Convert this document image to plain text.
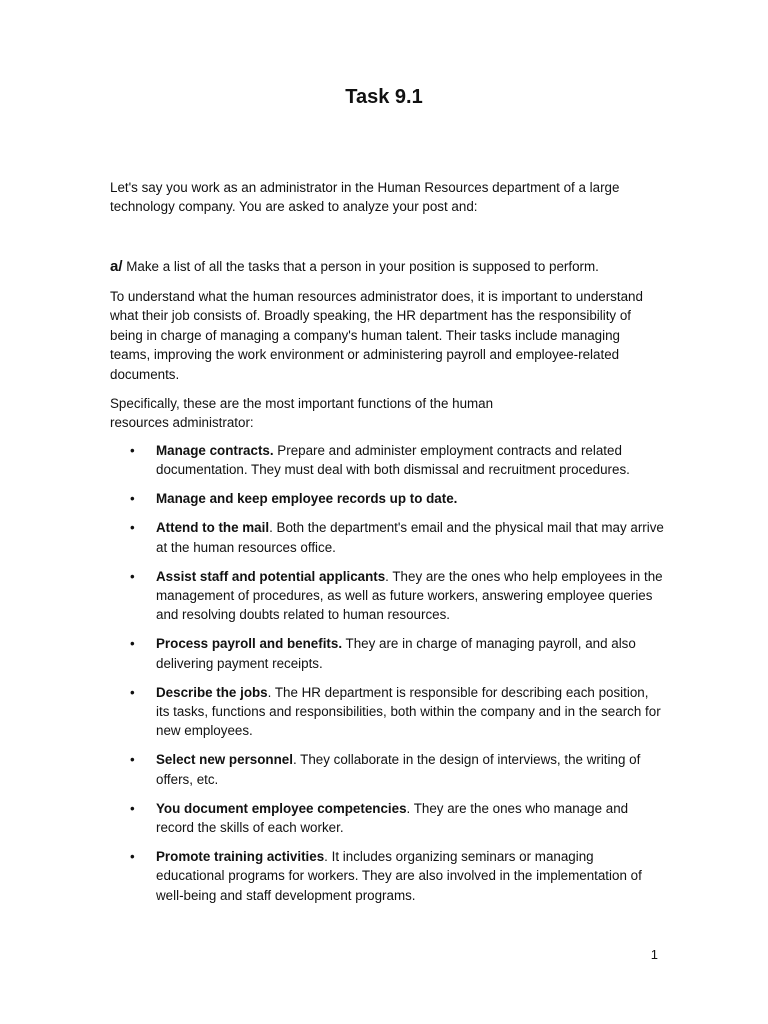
Task 9.1

Let's say you work as an administrator in the Human Resources department of a large technology company. You are asked to analyze your post and:

a/ Make a list of all the tasks that a person in your position is supposed to perform.

To understand what the human resources administrator does, it is important to understand what their job consists of. Broadly speaking, the HR department has the responsibility of being in charge of managing a company's human talent. Their tasks include managing teams, improving the work environment or administering payroll and employee-related documents.

Specifically, these are the most important functions of the human resources administrator:

• Manage contracts. Prepare and administer employment contracts and related documentation. They must deal with both dismissal and recruitment procedures.
• Manage and keep employee records up to date.
• Attend to the mail. Both the department's email and the physical mail that may arrive at the human resources office.
• Assist staff and potential applicants. They are the ones who help employees in the management of procedures, as well as future workers, answering employee queries and resolving doubts related to human resources.
• Process payroll and benefits. They are in charge of managing payroll, and also delivering payment receipts.
• Describe the jobs. The HR department is responsible for describing each position, its tasks, functions and responsibilities, both within the company and in the search for new employees.
• Select new personnel. They collaborate in the design of interviews, the writing of offers, etc.
• You document employee competencies. They are the ones who manage and record the skills of each worker.
• Promote training activities. It includes organizing seminars or managing educational programs for workers. They are also involved in the implementation of well-being and staff development programs.
1
